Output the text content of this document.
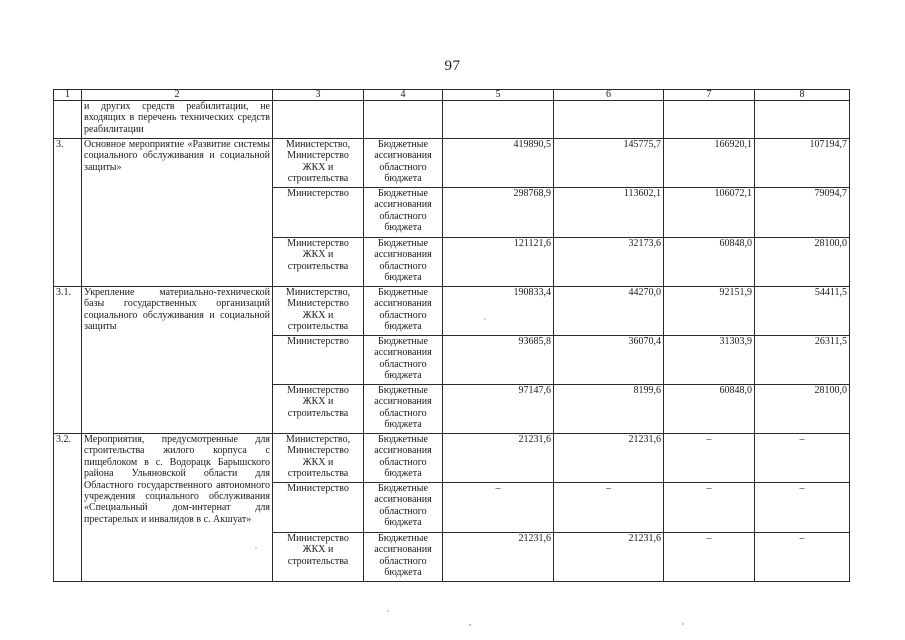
97
1	2	3	4	5	6	7	8
	и других средств реабилитации, не входящих в перечень технических средств реабилитации						
3.	Основное мероприятие «Развитие системы социального обслуживания и социальной защиты»	Министерство, Министерство ЖКХ и строительства	Бюджетные ассигнования областного бюджета	419890,5	145775,7	166920,1	107194,7
		Министерство	Бюджетные ассигнования областного бюджета	298768,9	113602,1	106072,1	79094,7
		Министерство ЖКХ и строительства	Бюджетные ассигнования областного бюджета	121121,6	32173,6	60848,0	28100,0
3.1.	Укрепление материально-технической базы государственных организаций социального обслуживания и социальной защиты	Министерство, Министерство ЖКХ и строительства	Бюджетные ассигнования областного бюджета	190833,4	44270,0	92151,9	54411,5
		Министерство	Бюджетные ассигнования областного бюджета	93685,8	36070,4	31303,9	26311,5
		Министерство ЖКХ и строительства	Бюджетные ассигнования областного бюджета	97147,6	8199,6	60848,0	28100,0
3.2.	Мероприятия, предусмотренные для строительства жилого корпуса с пищеблоком в с. Водорацк Барышского района Ульяновской области для Областного государственного автономного учреждения социального обслуживания «Специальный дом-интернат для престарелых и инвалидов в с. Акшуат»	Министерство, Министерство ЖКХ и строительства	Бюджетные ассигнования областного бюджета	21231,6	21231,6	–	–
		Министерство	Бюджетные ассигнования областного бюджета	–	–	–	–
		Министерство ЖКХ и строительства	Бюджетные ассигнования областного бюджета	21231,6	21231,6	–	–
